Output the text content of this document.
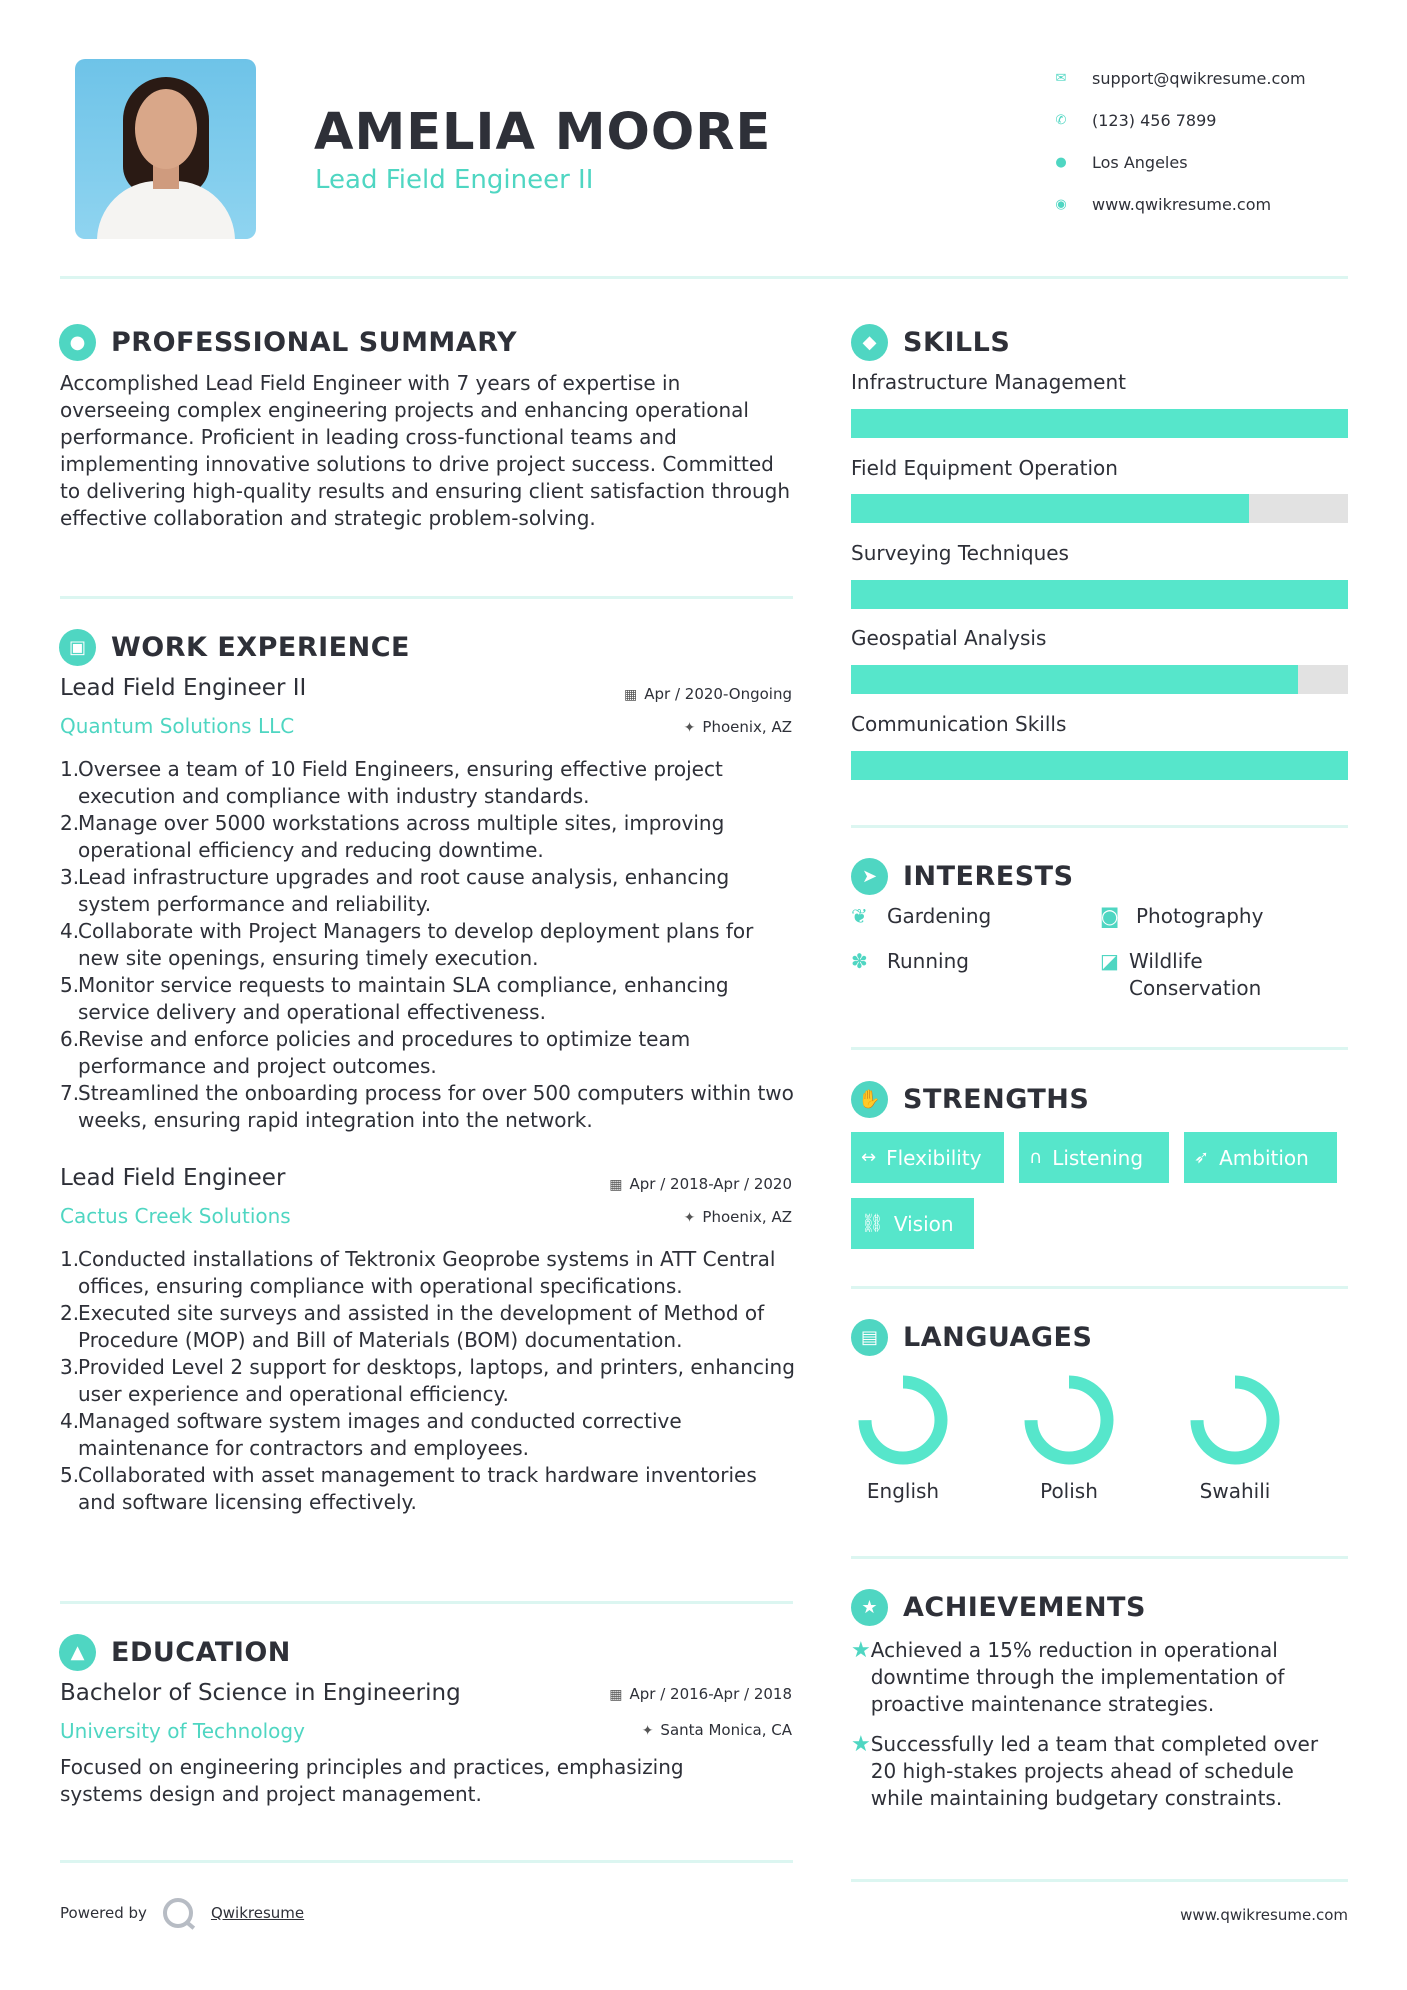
AMELIA MOORE
Lead Field Engineer II
✉ support@qwikresume.com
✆ (123) 456 7899
● Los Angeles
◉ www.qwikresume.com
● PROFESSIONAL SUMMARY
Accomplished Lead Field Engineer with 7 years of expertise in overseeing complex engineering projects and enhancing operational performance. Proficient in leading cross-functional teams and implementing innovative solutions to drive project success. Committed to delivering high-quality results and ensuring client satisfaction through effective collaboration and strategic problem-solving.
▣ WORK EXPERIENCE
Lead Field Engineer II
Quantum Solutions LLC
▦ Apr / 2020-Ongoing
✦ Phoenix, AZ
Oversee a team of 10 Field Engineers, ensuring effective project execution and compliance with industry standards.
Manage over 5000 workstations across multiple sites, improving operational efficiency and reducing downtime.
Lead infrastructure upgrades and root cause analysis, enhancing system performance and reliability.
Collaborate with Project Managers to develop deployment plans for new site openings, ensuring timely execution.
Monitor service requests to maintain SLA compliance, enhancing service delivery and operational effectiveness.
Revise and enforce policies and procedures to optimize team performance and project outcomes.
Streamlined the onboarding process for over 500 computers within two weeks, ensuring rapid integration into the network.
Lead Field Engineer
Cactus Creek Solutions
▦ Apr / 2018-Apr / 2020
✦ Phoenix, AZ
Conducted installations of Tektronix Geoprobe systems in ATT Central offices, ensuring compliance with operational specifications.
Executed site surveys and assisted in the development of Method of Procedure (MOP) and Bill of Materials (BOM) documentation.
Provided Level 2 support for desktops, laptops, and printers, enhancing user experience and operational efficiency.
Managed software system images and conducted corrective maintenance for contractors and employees.
Collaborated with asset management to track hardware inventories and software licensing effectively.
▲ EDUCATION
Bachelor of Science in Engineering
University of Technology
▦ Apr / 2016-Apr / 2018
✦ Santa Monica, CA
Focused on engineering principles and practices, emphasizing systems design and project management.
◆ SKILLS
Infrastructure Management
Field Equipment Operation
Surveying Techniques
Geospatial Analysis
Communication Skills
➤ INTERESTS
❦ Gardening	◙ Photography
✽ Running	◪ Wildlife Conservation
✋ STRENGTHS
↔ Flexibility	∩ Listening	➶ Ambition
⛓ Vision
▤ LANGUAGES
English	Polish	Swahili
★ ACHIEVEMENTS
★ Achieved a 15% reduction in operational downtime through the implementation of proactive maintenance strategies.
★ Successfully led a team that completed over 20 high-stakes projects ahead of schedule while maintaining budgetary constraints.
Powered by	Qwikresume	www.qwikresume.com
